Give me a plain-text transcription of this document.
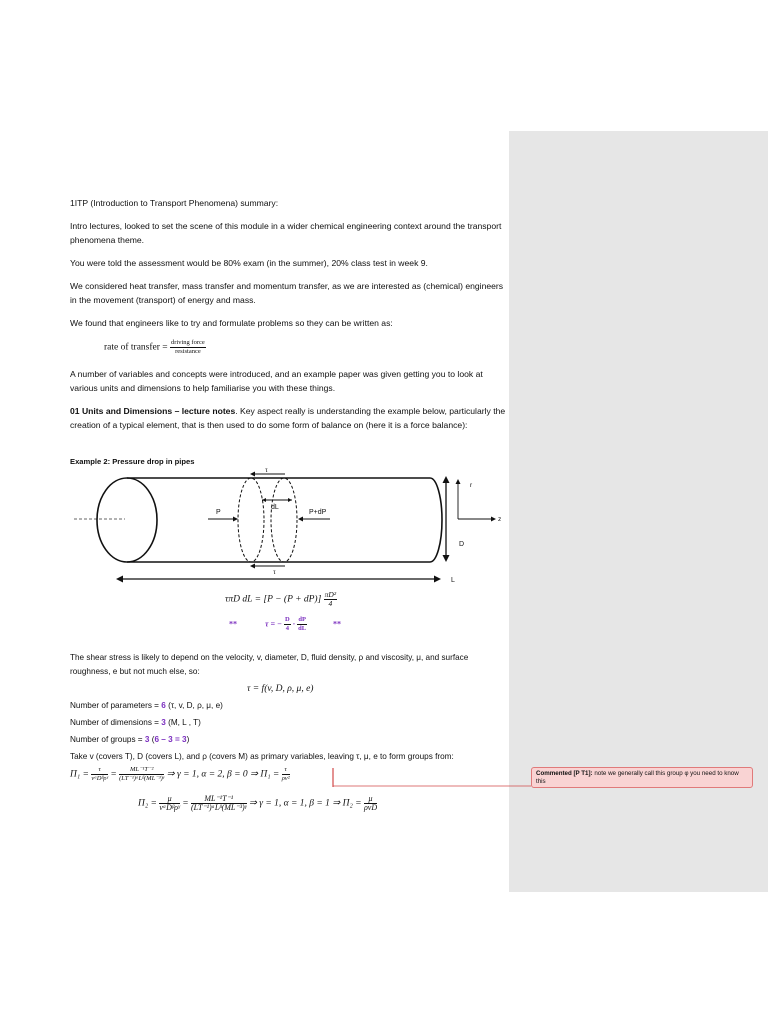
1ITP (Introduction to Transport Phenomena) summary:
Intro lectures, looked to set the scene of this module in a wider chemical engineering context around the transport phenomena theme.
You were told the assessment would be 80% exam (in the summer), 20% class test in week 9.
We considered heat transfer, mass transfer and momentum transfer, as we are interested as (chemical) engineers in the movement (transport) of energy and mass.
We found that engineers like to try and formulate problems so they can be written as:
rate of transfer = $\frac{\text{driving force}}{\text{resistance}}$
A number of variables and concepts were introduced, and an example paper was given getting you to look at various units and dimensions to help familiarise you with these things.
01 Units and Dimensions – lecture notes. Key aspect really is understanding the example below, particularly the creation of a typical element, that is then used to do some form of balance on (here it is a force balance):
Example 2: Pressure drop in pipes
τ
τ
P
dL
P+dP
r
z
D
L
τπD dL = $[P - (P + dP)] \frac{\text{πD²}}{4}$
**	τ = − $\frac{D}{4} \cdot \frac{dP}{dL}$	**
The shear stress is likely to depend on the velocity, v, diameter, D, fluid density, ρ and viscosity, μ, and surface roughness, e but not much else, so:
τ = f(v, D, ρ, μ, e)
Number of parameters = 6 (τ, v, D, ρ, μ, e)
Number of dimensions = 3 (M, L , T)
Number of groups = 3 (6 – 3 = 3)
Take v (covers T), D (covers L), and ρ (covers M) as primary variables, leaving τ, μ, e to form groups from:
$\Pi_1 = \frac{\tau}{\text{vᵅDᵝρᵞ}} = \frac{\text{ML⁻¹T⁻²}}{\text{(LT⁻¹)ᵅLᵝ(ML⁻³)ᵞ}}$ ⇒ γ = 1, α = 2, β = 0 ⇒ $\Pi_1 = \frac{\tau}{\text{ρv²}}$
$\Pi_2 = \frac{\mu}{\text{vᵅDᵝρᵞ}} = \frac{\text{ML⁻¹T⁻¹}}{\text{(LT⁻¹)ᵅLᵝ(ML⁻³)ᵞ}}$ ⇒ γ = 1, α = 1, β = 1 ⇒ $\Pi_2 = \frac{\mu}{\text{ρvD}}$
Commented [P T1]: note we generally call this group φ you need to know this
